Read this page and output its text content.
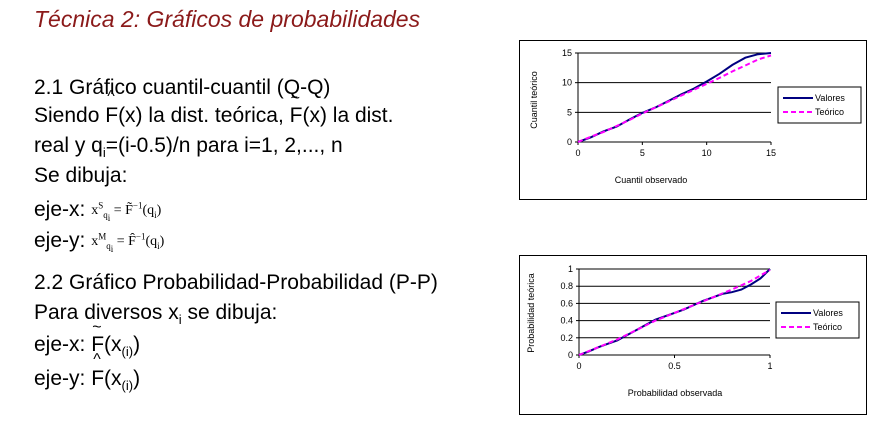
Técnica 2: Gráficos de probabilidades
2.1 Gráfico cuantil-cuantil (Q-Q)
Siendo ^ F(x) la dist. teórica, ~ F(x) la dist.
real y $q_i=(i-0.5)/n$ para i=1, 2,..., n
Se dibuja:
eje-x: $x^S_{q_i}$ = $F̃^{-1}(q_i)$
eje-y: $x^M_{q_i}$ = $F̂^{-1}(q_i)$
2.2 Gráfico Probabilidad-Probabilidad (P-P)
Para diversos $x_i$ se dibuja:
eje-x: ~ $F(x_{(i)})$
eje-y: ^ $F(x_{(i)})$
Cuantil teórico
Cuantil observado
0
5
10
15
0	5	10	15
Valores
Teórico
Probabilidad teórica
Probabilidad observada
0
0.2
0.4
0.6
0.8
1
0	0.5	1
Valores
Teórico
